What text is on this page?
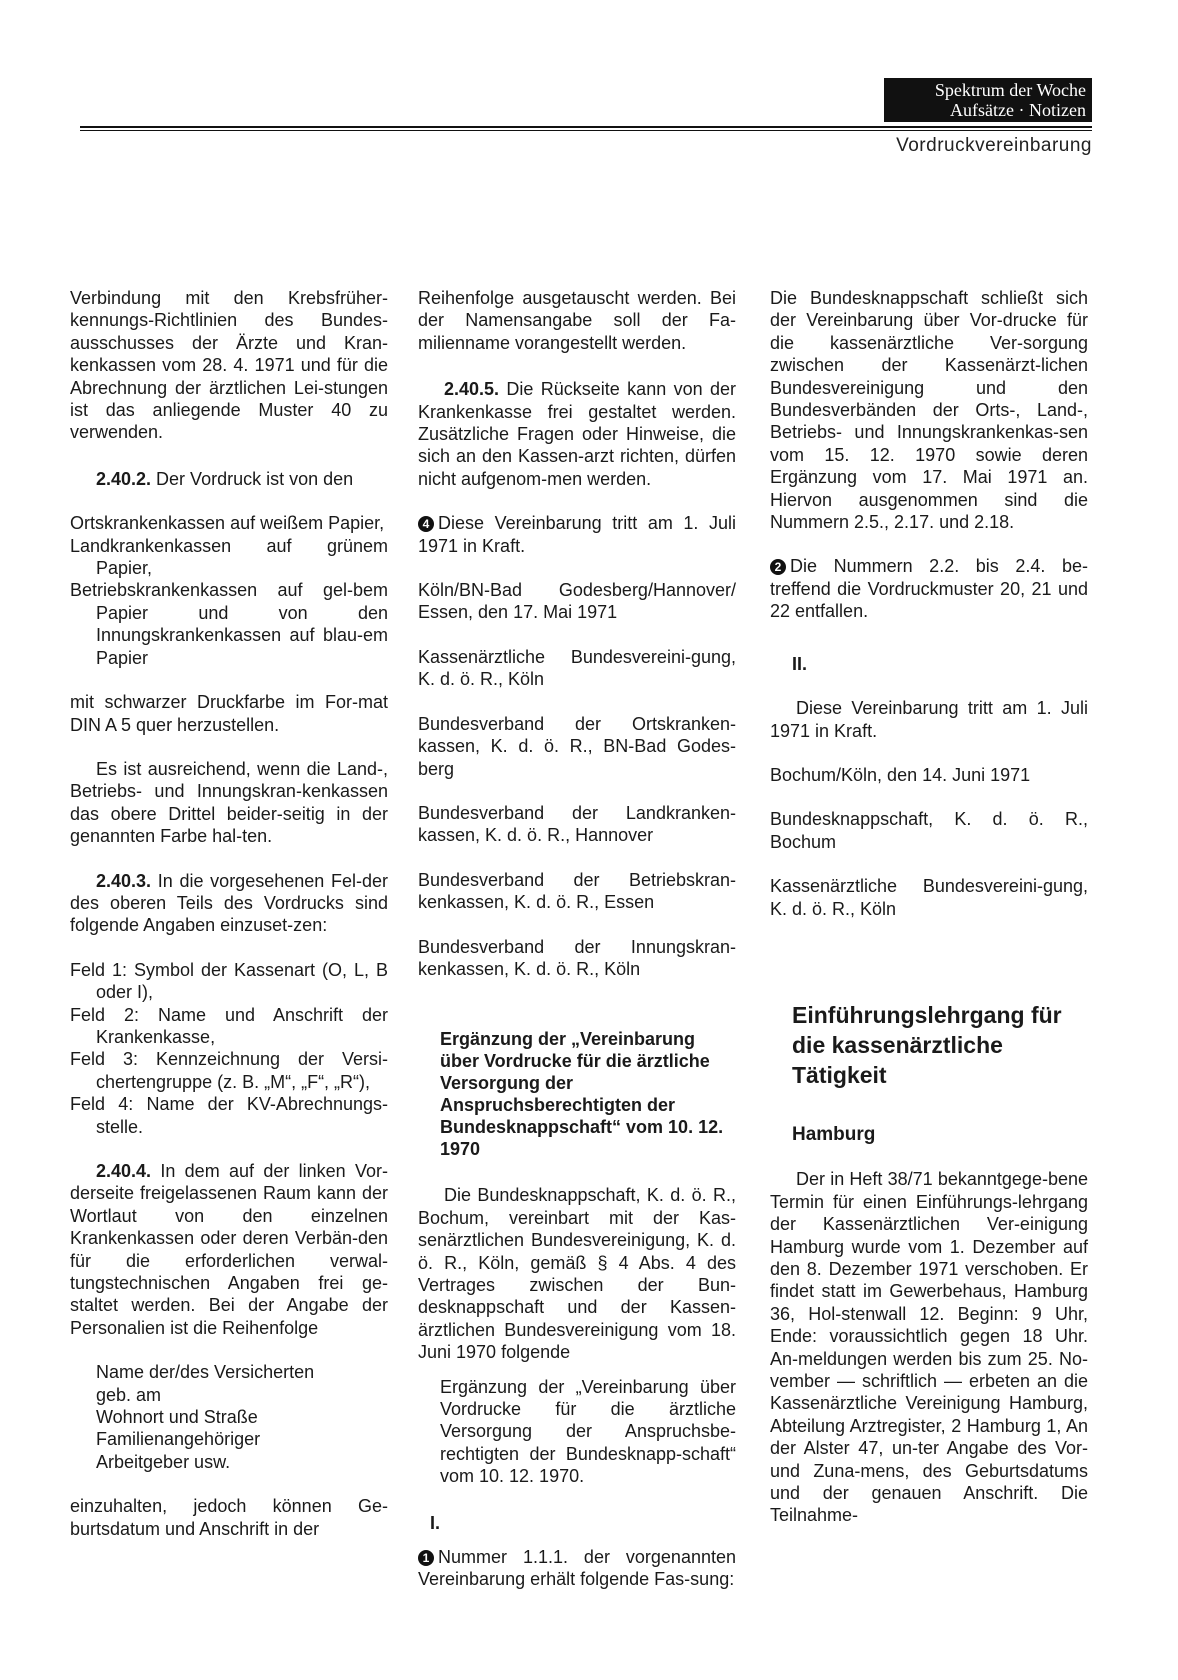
Spektrum der Woche
Aufsätze · Notizen
Vordruckvereinbarung

Verbindung mit den Krebsfrüher-kennungs-Richtlinien des Bundes-ausschusses der Ärzte und Kran-kenkassen vom 28. 4. 1971 und für die Abrechnung der ärztlichen Lei-stungen ist das anliegende Muster 40 zu verwenden.

2.40.2. Der Vordruck ist von den

Ortskrankenkassen auf weißem Papier,
Landkrankenkassen auf grünem Papier,
Betriebskrankenkassen auf gel-bem Papier und von den Innungskrankenkassen auf blau-em Papier

mit schwarzer Druckfarbe im For-mat DIN A 5 quer herzustellen.

Es ist ausreichend, wenn die Land-, Betriebs- und Innungskran-kenkassen das obere Drittel beider-seitig in der genannten Farbe hal-ten.

2.40.3. In die vorgesehenen Fel-der des oberen Teils des Vordrucks sind folgende Angaben einzuset-zen:

Feld 1: Symbol der Kassenart (O, L, B oder I),
Feld 2: Name und Anschrift der Krankenkasse,
Feld 3: Kennzeichnung der Versi-chertengruppe (z. B. „M“, „F“, „R“),
Feld 4: Name der KV-Abrechnungs-stelle.

2.40.4. In dem auf der linken Vor-derseite freigelassenen Raum kann der Wortlaut von den einzelnen Krankenkassen oder deren Verbän-den für die erforderlichen verwal-tungstechnischen Angaben frei ge-staltet werden. Bei der Angabe der Personalien ist die Reihenfolge

Name der/des Versicherten
geb. am
Wohnort und Straße
Familienangehöriger
Arbeitgeber usw.

einzuhalten, jedoch können Ge-burtsdatum und Anschrift in der

Reihenfolge ausgetauscht werden. Bei der Namensangabe soll der Fa-milienname vorangestellt werden.

2.40.5. Die Rückseite kann von der Krankenkasse frei gestaltet werden. Zusätzliche Fragen oder Hinweise, die sich an den Kassen-arzt richten, dürfen nicht aufgenom-men werden.

4 Diese Vereinbarung tritt am 1. Juli 1971 in Kraft.

Köln/BN-Bad Godesberg/Hannover/ Essen, den 17. Mai 1971

Kassenärztliche Bundesvereini-gung, K. d. ö. R., Köln

Bundesverband der Ortskranken-kassen, K. d. ö. R., BN-Bad Godes-berg

Bundesverband der Landkranken-kassen, K. d. ö. R., Hannover

Bundesverband der Betriebskran-kenkassen, K. d. ö. R., Essen

Bundesverband der Innungskran-kenkassen, K. d. ö. R., Köln

Ergänzung der „Vereinbarung über Vordrucke für die ärztliche Versorgung der Anspruchsberechtigten der Bundesknappschaft“ vom 10. 12. 1970

Die Bundesknappschaft, K. d. ö. R., Bochum, vereinbart mit der Kas-senärztlichen Bundesvereinigung, K. d. ö. R., Köln, gemäß § 4 Abs. 4 des Vertrages zwischen der Bun-desknappschaft und der Kassen-ärztlichen Bundesvereinigung vom 18. Juni 1970 folgende

Ergänzung der „Vereinbarung über Vordrucke für die ärztliche Versorgung der Anspruchsbe-rechtigten der Bundesknapp-schaft“ vom 10. 12. 1970.

I.

1 Nummer 1.1.1. der vorgenannten Vereinbarung erhält folgende Fas-sung:

Die Bundesknappschaft schließt sich der Vereinbarung über Vor-drucke für die kassenärztliche Ver-sorgung zwischen der Kassenärzt-lichen Bundesvereinigung und den Bundesverbänden der Orts-, Land-, Betriebs- und Innungskrankenkas-sen vom 15. 12. 1970 sowie deren Ergänzung vom 17. Mai 1971 an. Hiervon ausgenommen sind die Nummern 2.5., 2.17. und 2.18.

2 Die Nummern 2.2. bis 2.4. be-treffend die Vordruckmuster 20, 21 und 22 entfallen.

II.

Diese Vereinbarung tritt am 1. Juli 1971 in Kraft.

Bochum/Köln, den 14. Juni 1971

Bundesknappschaft, K. d. ö. R., Bochum

Kassenärztliche Bundesvereini-gung, K. d. ö. R., Köln

Einführungslehrgang für die kassenärztliche Tätigkeit

Hamburg

Der in Heft 38/71 bekanntgege-bene Termin für einen Einführungs-lehrgang der Kassenärztlichen Ver-einigung Hamburg wurde vom 1. Dezember auf den 8. Dezember 1971 verschoben. Er findet statt im Gewerbehaus, Hamburg 36, Hol-stenwall 12. Beginn: 9 Uhr, Ende: voraussichtlich gegen 18 Uhr. An-meldungen werden bis zum 25. No-vember — schriftlich — erbeten an die Kassenärztliche Vereinigung Hamburg, Abteilung Arztregister, 2 Hamburg 1, An der Alster 47, un-ter Angabe des Vor- und Zuna-mens, des Geburtsdatums und der genauen Anschrift. Die Teilnahme-
